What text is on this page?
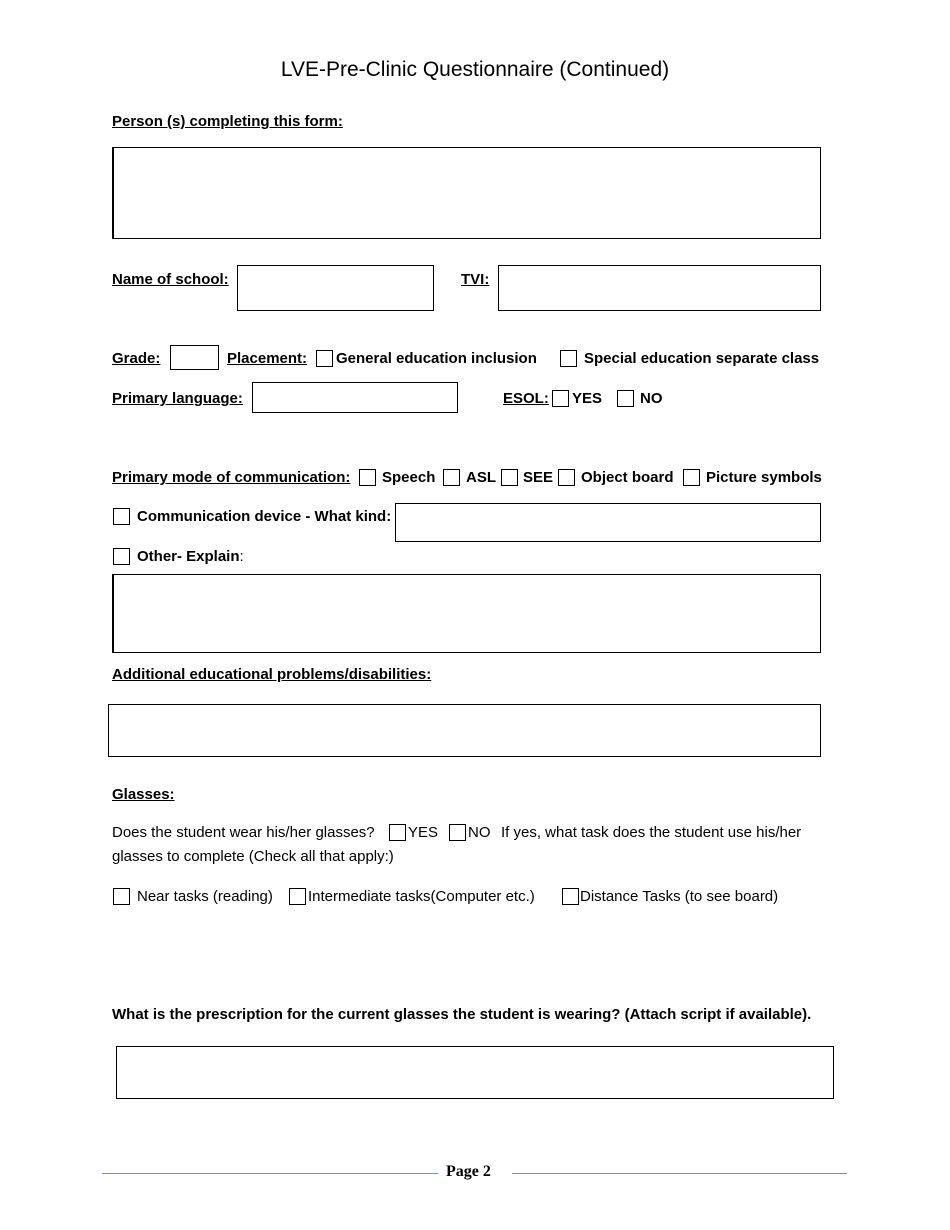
LVE-Pre-Clinic Questionnaire (Continued)
Person (s) completing this form:
Name of school:	TVI:
Grade:	Placement: General education inclusion	Special education separate class
Primary language:	ESOL: YES	NO
Primary mode of communication: Speech ASL SEE Object board Picture symbols
Communication device - What kind:
Other- Explain:
Additional educational problems/disabilities:
Glasses:
Does the student wear his/her glasses? YES NO If yes, what task does the student use his/her
glasses to complete (Check all that apply:)
Near tasks (reading) Intermediate tasks(Computer etc.)	Distance Tasks (to see board)
What is the prescription for the current glasses the student is wearing? (Attach script if available).
Page 2
